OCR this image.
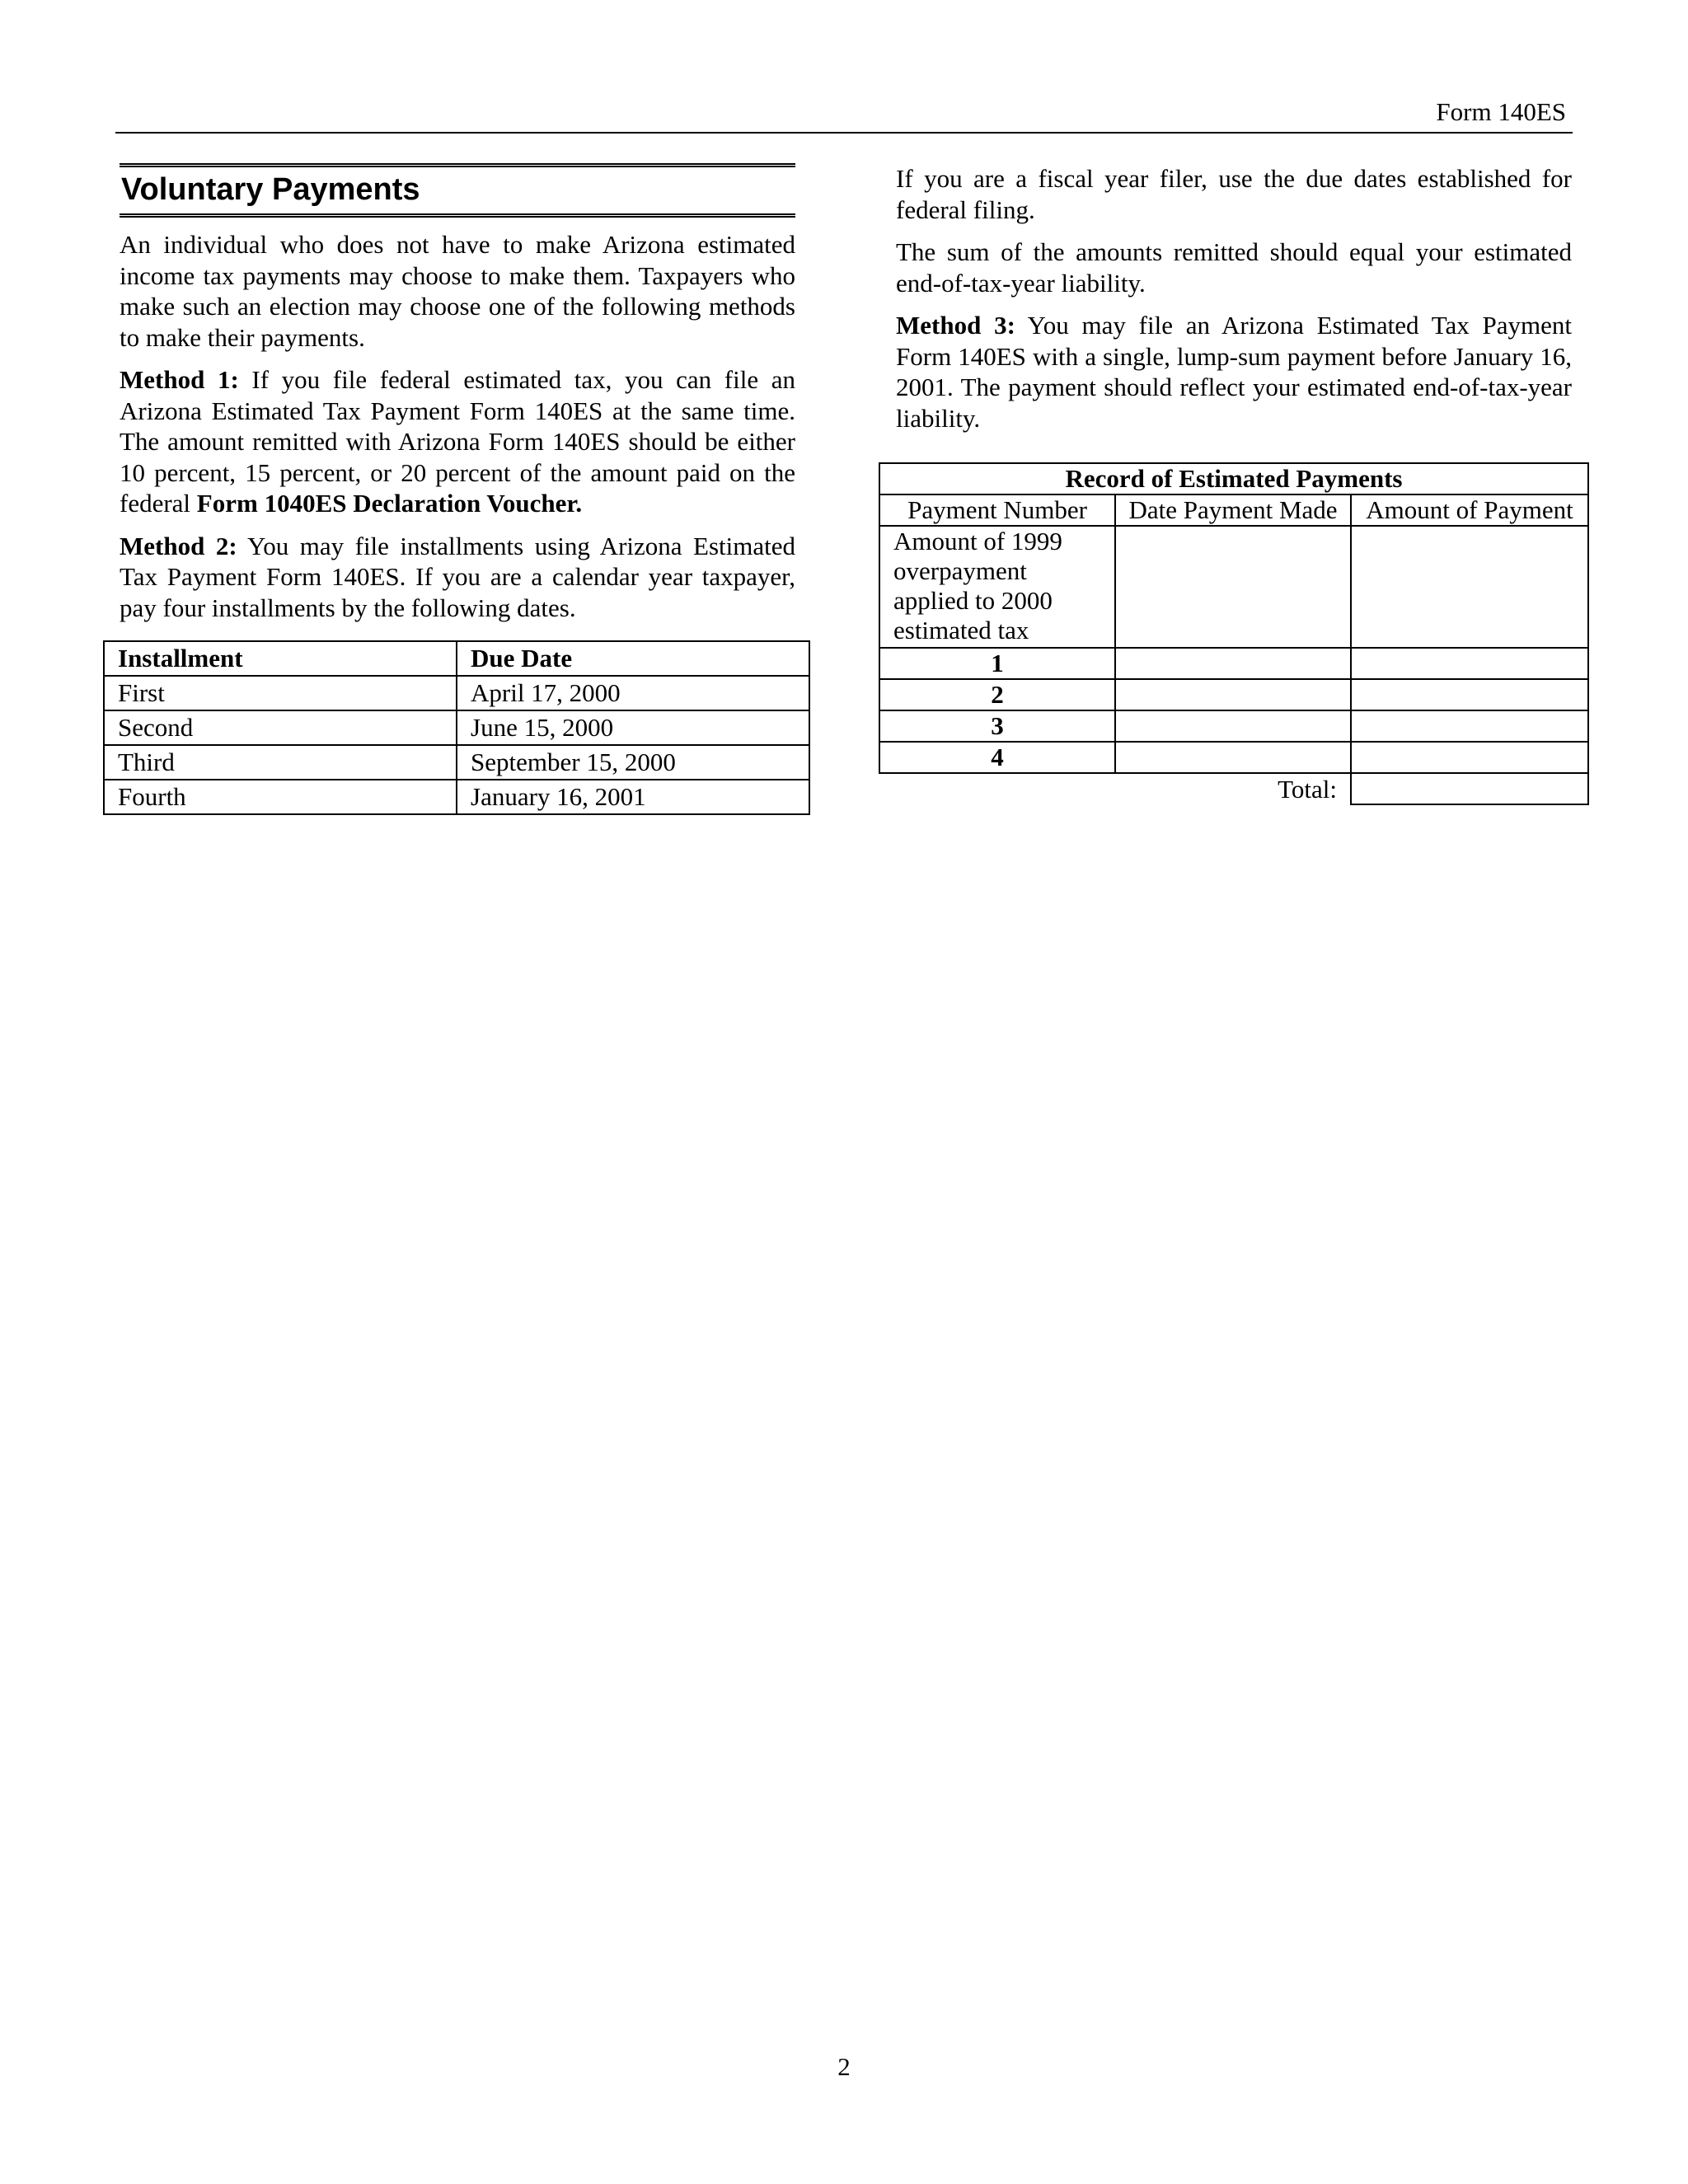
Form 140ES
Voluntary Payments

An individual who does not have to make Arizona estimated income tax payments may choose to make them. Taxpayers who make such an election may choose one of the following methods to make their payments.

Method 1: If you file federal estimated tax, you can file an Arizona Estimated Tax Payment Form 140ES at the same time. The amount remitted with Arizona Form 140ES should be either 10 percent, 15 percent, or 20 percent of the amount paid on the federal Form 1040ES Declaration Voucher.

Method 2: You may file installments using Arizona Estimated Tax Payment Form 140ES. If you are a calendar year taxpayer, pay four installments by the following dates.

Installment	Due Date
First	April 17, 2000
Second	June 15, 2000
Third	September 15, 2000
Fourth	January 16, 2001

If you are a fiscal year filer, use the due dates established for federal filing.

The sum of the amounts remitted should equal your estimated end-of-tax-year liability.

Method 3: You may file an Arizona Estimated Tax Payment Form 140ES with a single, lump-sum payment before January 16, 2001. The payment should reflect your estimated end-of-tax-year liability.

Record of Estimated Payments		
Payment Number	Date Payment Made	Amount of Payment
Amount of 1999 overpayment applied to 2000 estimated tax		
1		
2		
3		
4		
Total:		
2
